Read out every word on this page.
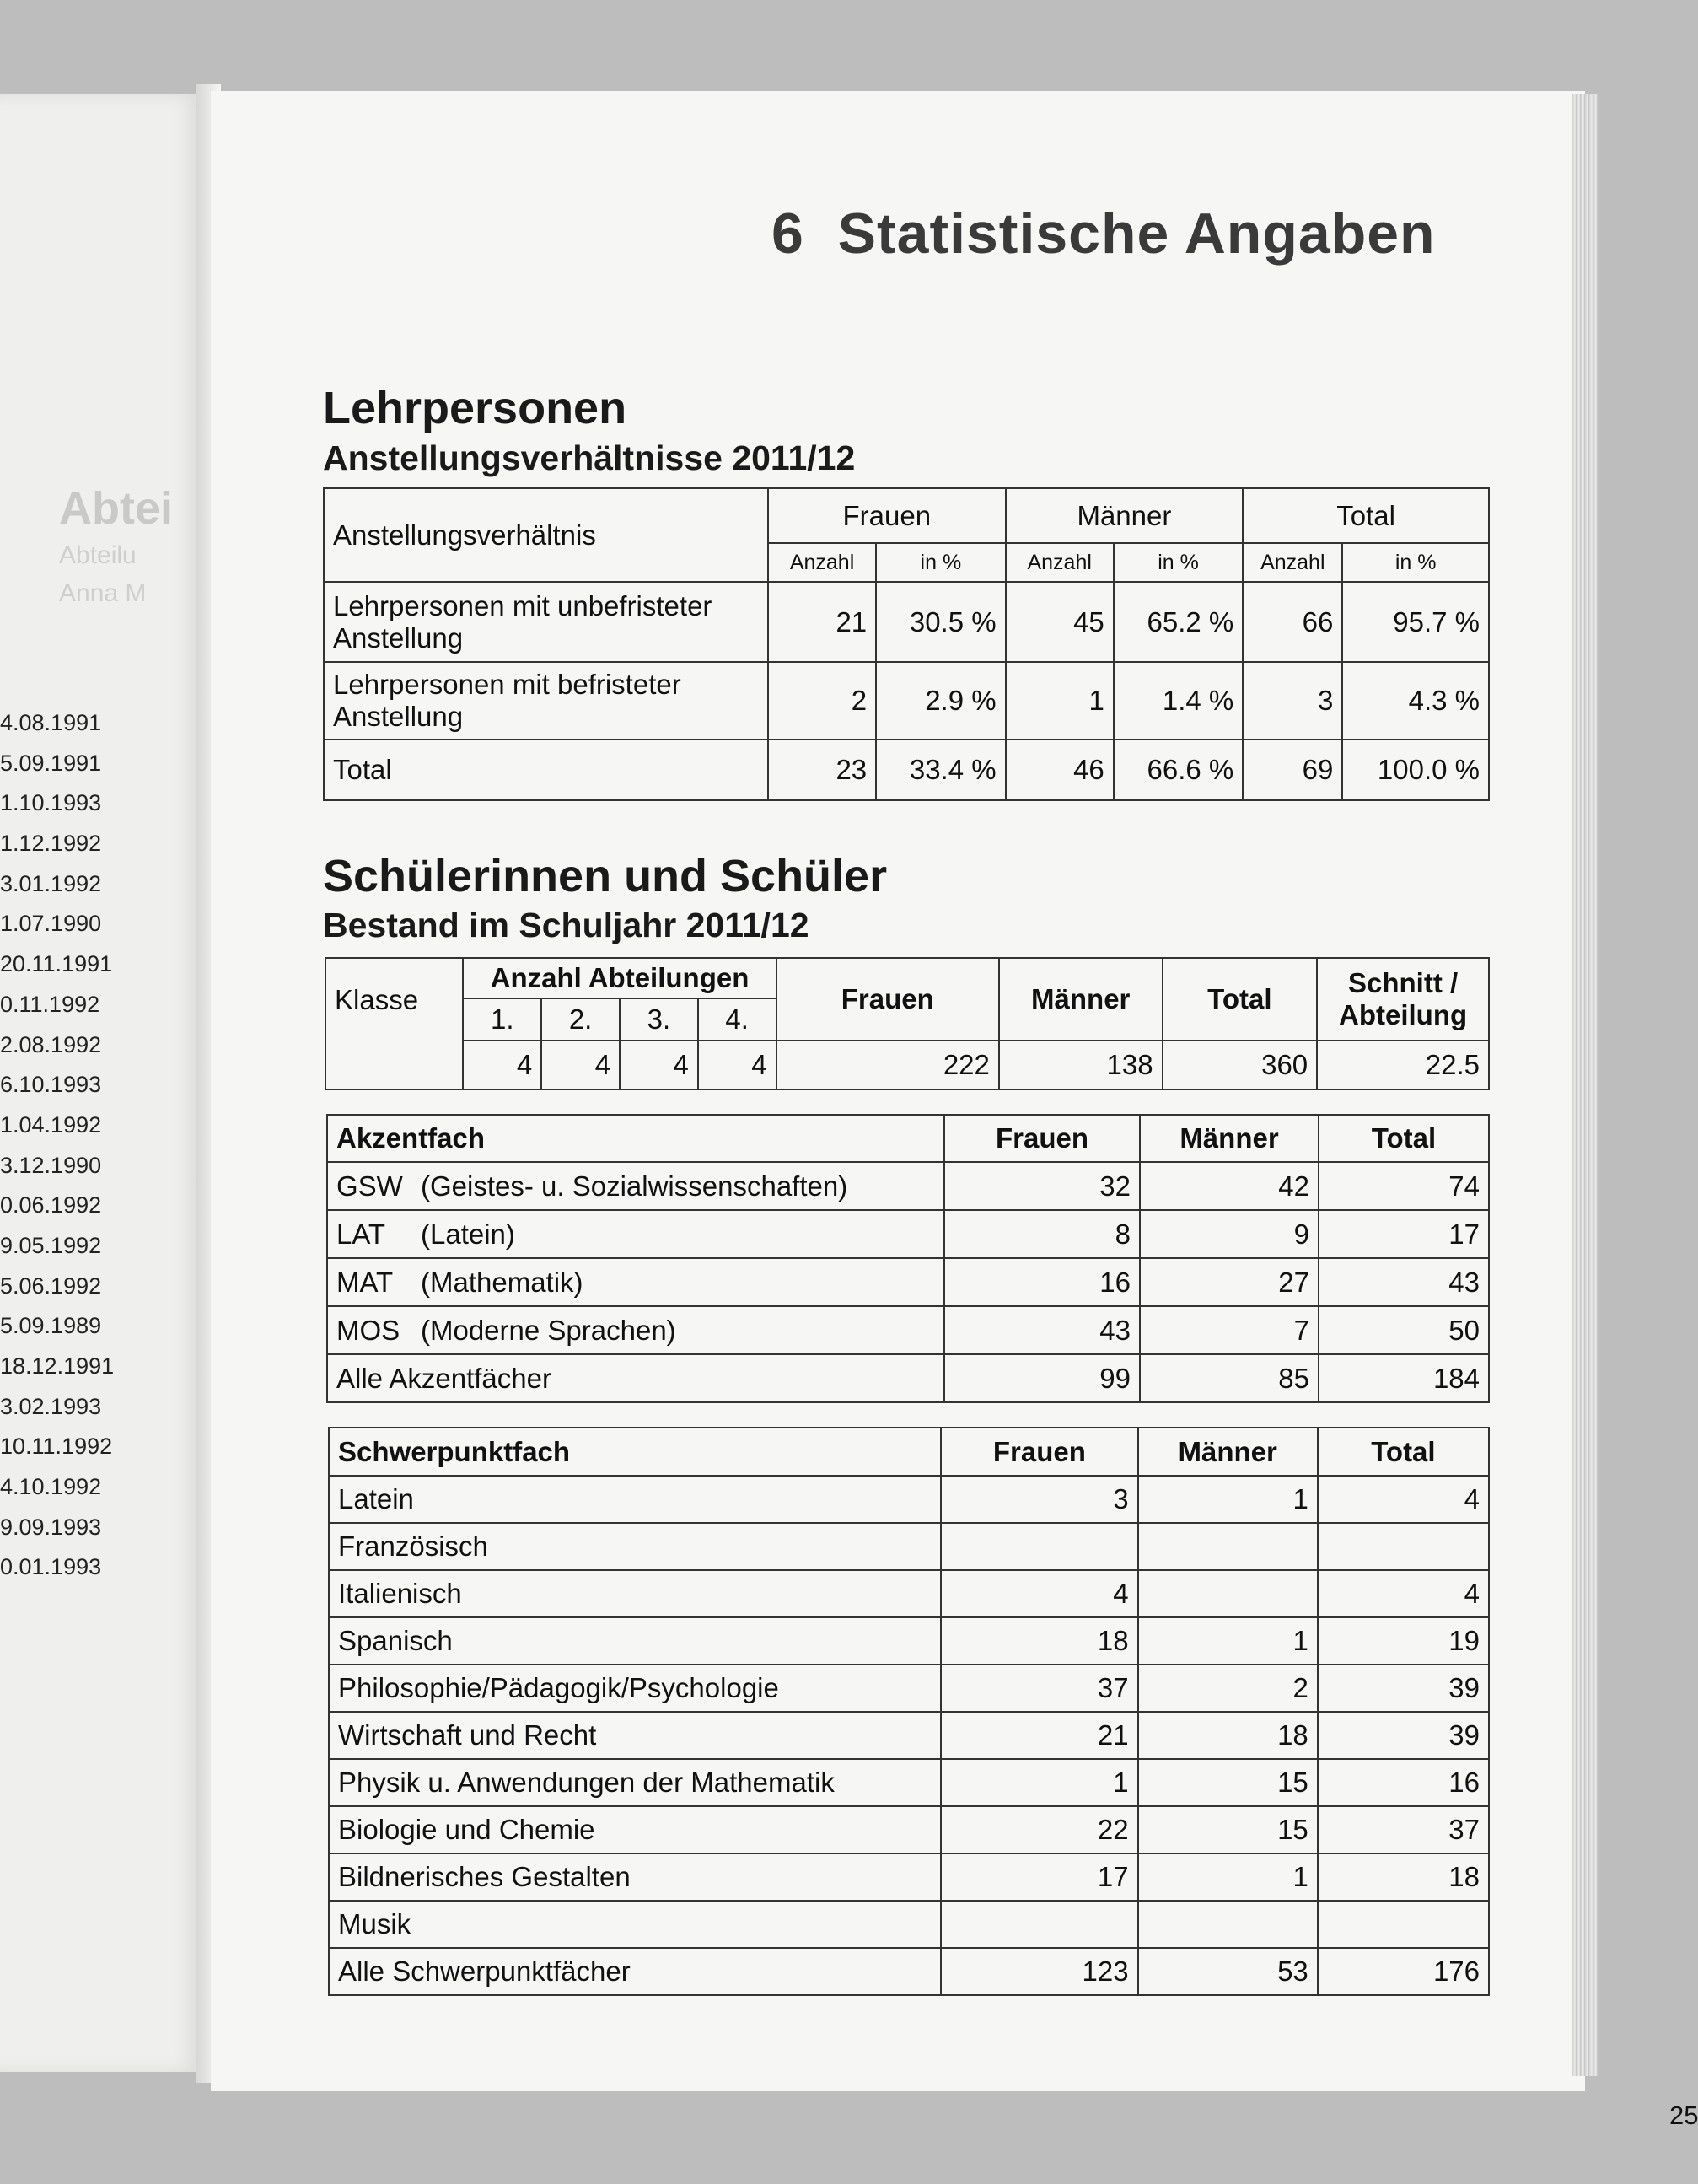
Abtei
Abteilu
Anna M
4.08.1991
5.09.1991
1.10.1993
1.12.1992
3.01.1992
1.07.1990
20.11.1991
0.11.1992
2.08.1992
6.10.1993
1.04.1992
3.12.1990
0.06.1992
9.05.1992
5.06.1992
5.09.1989
18.12.1991
3.02.1993
10.11.1992
4.10.1992
9.09.1993
0.01.1993
6 Statistische Angaben
Lehrpersonen
Anstellungsverhältnisse 2011/12
Anstellungsverhältnis	Frauen		Männer		Total	
	Anzahl	in %	Anzahl	in %	Anzahl	in %
Lehrpersonen mit unbefristeter Anstellung	21	30.5 %	45	65.2 %	66	95.7 %
Lehrpersonen mit befristeter Anstellung	2	2.9 %	1	1.4 %	3	4.3 %
Total	23	33.4 %	46	66.6 %	69	100.0 %
Schülerinnen und Schüler
Bestand im Schuljahr 2011/12
Klasse	Anzahl Abteilungen				Frauen	Männer	Total	Schnitt / Abteilung
	1.	2.	3.	4.				
	4	4	4	4	222	138	360	22.5
Akzentfach		Frauen	Männer	Total
GSW	(Geistes- u. Sozialwissenschaften)	32	42	74
LAT	(Latein)	8	9	17
MAT	(Mathematik)	16	27	43
MOS	(Moderne Sprachen)	43	7	50
Alle Akzentfächer		99	85	184
Schwerpunktfach	Frauen	Männer	Total
Latein	3	1	4
Französisch			
Italienisch	4		4
Spanisch	18	1	19
Philosophie/Pädagogik/Psychologie	37	2	39
Wirtschaft und Recht	21	18	39
Physik u. Anwendungen der Mathematik	1	15	16
Biologie und Chemie	22	15	37
Bildnerisches Gestalten	17	1	18
Musik			
Alle Schwerpunktfächer	123	53	176
25
